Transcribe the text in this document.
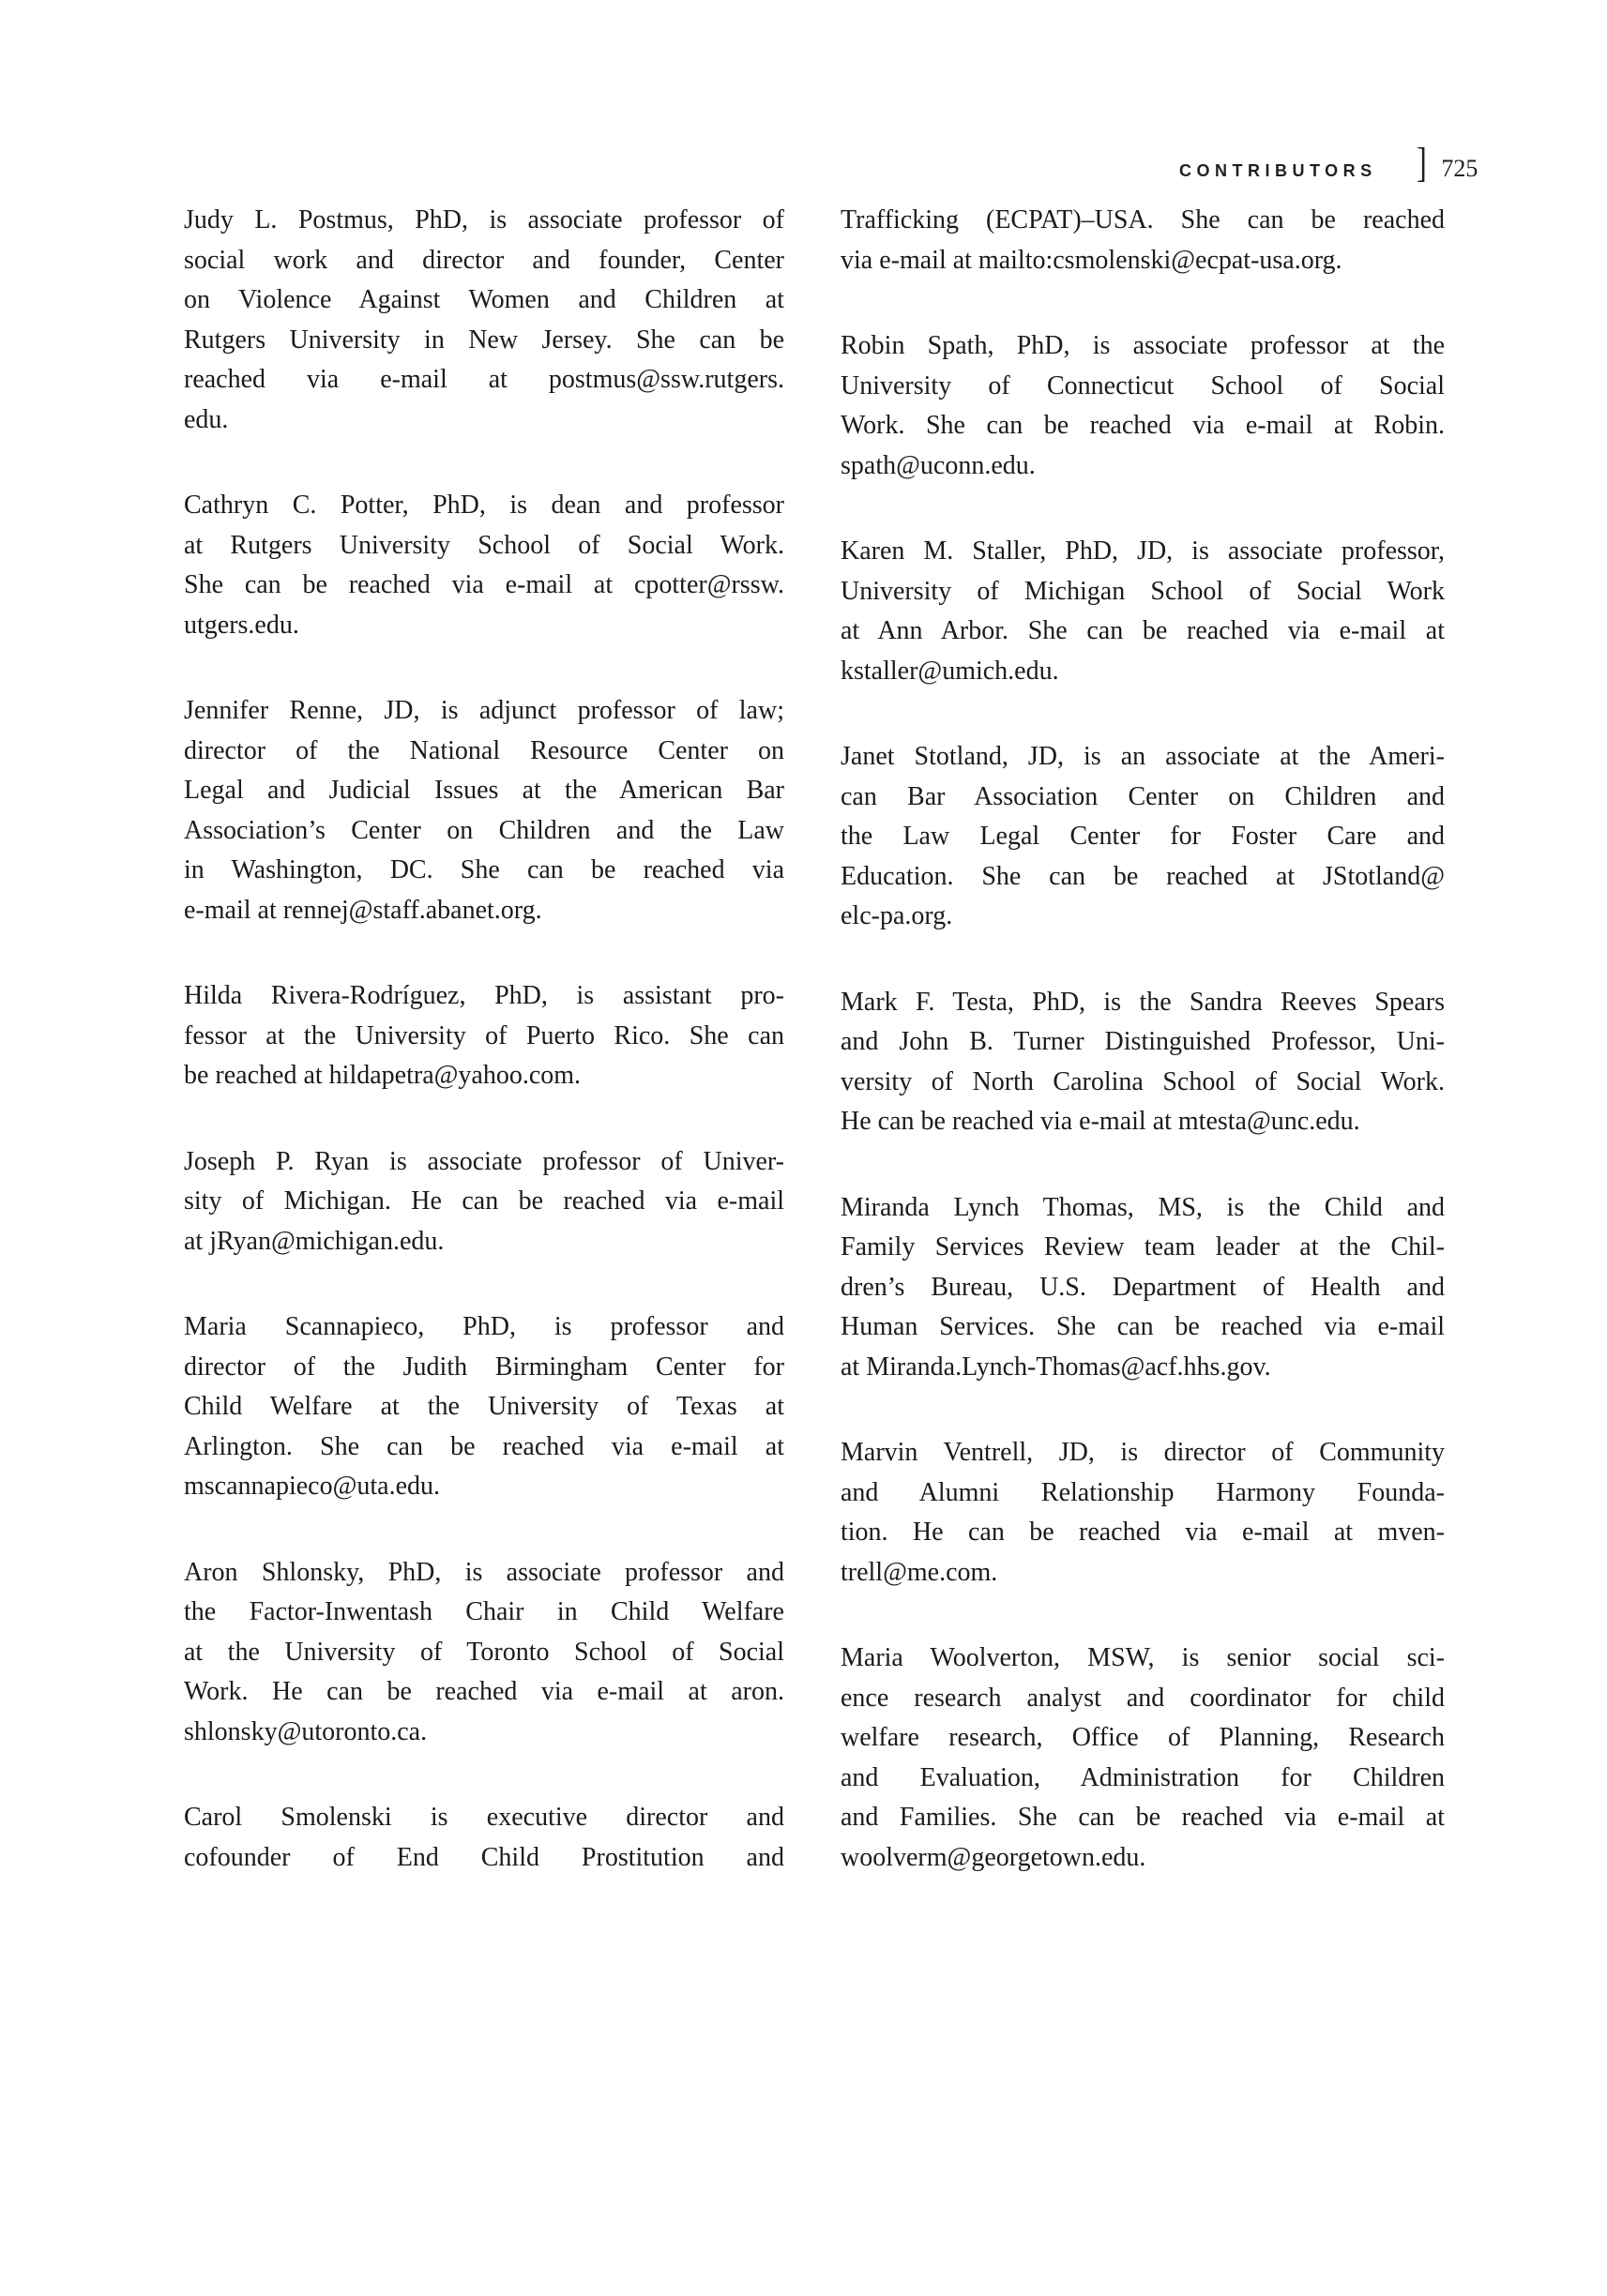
CONTRIBUTORS ] 725
Judy L. Postmus, PhD, is associate professor of
social work and director and founder, Center
on Violence Against Women and Children at
Rutgers University in New Jersey. She can be
reached via e-mail at postmus@ssw.rutgers.
edu.
Cathryn C. Potter, PhD, is dean and professor
at Rutgers University School of Social Work.
She can be reached via e-mail at cpotter@rssw.
utgers.edu.
Jennifer Renne, JD, is adjunct professor of law;
director of the National Resource Center on
Legal and Judicial Issues at the American Bar
Association’s Center on Children and the Law
in Washington, DC. She can be reached via
e-mail at rennej@staff.abanet.org.
Hilda Rivera-Rodríguez, PhD, is assistant pro-
fessor at the University of Puerto Rico. She can
be reached at hildapetra@yahoo.com.
Joseph P. Ryan is associate professor of Univer-
sity of Michigan. He can be reached via e-mail
at jRyan@michigan.edu.
Maria Scannapieco, PhD, is professor and
director of the Judith Birmingham Center for
Child Welfare at the University of Texas at
Arlington. She can be reached via e-mail at
mscannapieco@uta.edu.
Aron Shlonsky, PhD, is associate professor and
the Factor-Inwentash Chair in Child Welfare
at the University of Toronto School of Social
Work. He can be reached via e-mail at aron.
shlonsky@utoronto.ca.
Carol Smolenski is executive director and
cofounder of End Child Prostitution and
Trafficking (ECPAT)–USA. She can be reached
via e-mail at mailto:csmolenski@ecpat-usa.org.
Robin Spath, PhD, is associate professor at the
University of Connecticut School of Social
Work. She can be reached via e-mail at Robin.
spath@uconn.edu.
Karen M. Staller, PhD, JD, is associate professor,
University of Michigan School of Social Work
at Ann Arbor. She can be reached via e-mail at
kstaller@umich.edu.
Janet Stotland, JD, is an associate at the Ameri-
can Bar Association Center on Children and
the Law Legal Center for Foster Care and
Education. She can be reached at JStotland@
elc-pa.org.
Mark F. Testa, PhD, is the Sandra Reeves Spears
and John B. Turner Distinguished Professor, Uni-
versity of North Carolina School of Social Work.
He can be reached via e-mail at mtesta@unc.edu.
Miranda Lynch Thomas, MS, is the Child and
Family Services Review team leader at the Chil-
dren’s Bureau, U.S. Department of Health and
Human Services. She can be reached via e-mail
at Miranda.Lynch-Thomas@acf.hhs.gov.
Marvin Ventrell, JD, is director of Community
and Alumni Relationship Harmony Founda-
tion. He can be reached via e-mail at mven-
trell@me.com.
Maria Woolverton, MSW, is senior social sci-
ence research analyst and coordinator for child
welfare research, Office of Planning, Research
and Evaluation, Administration for Children
and Families. She can be reached via e-mail at
woolverm@georgetown.edu.
